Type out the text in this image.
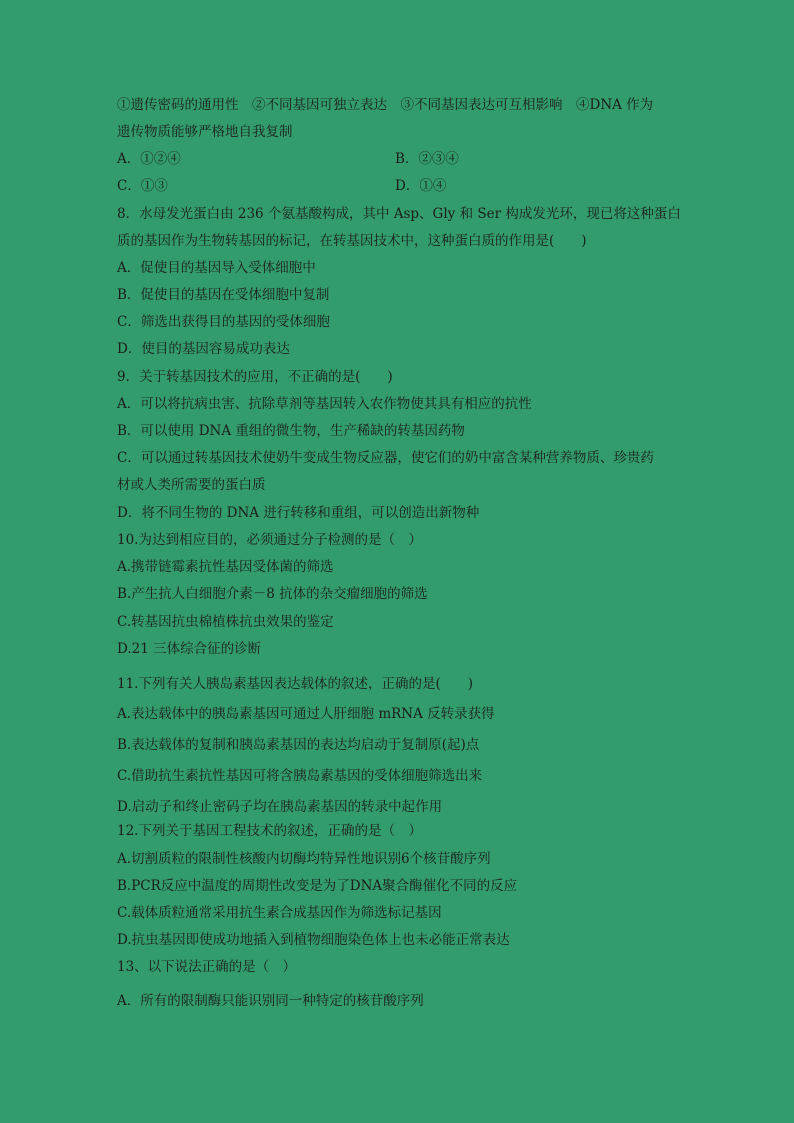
①遗传密码的通用性　②不同基因可独立表达　③不同基因表达可互相影响　④DNA 作为
遗传物质能够严格地自我复制
A．①②④	B．②③④
C．①③	D．①④
8．水母发光蛋白由 236 个氨基酸构成，其中 Asp、Gly 和 Ser 构成发光环，现已将这种蛋白
质的基因作为生物转基因的标记，在转基因技术中，这种蛋白质的作用是(　　)
A．促使目的基因导入受体细胞中
B．促使目的基因在受体细胞中复制
C．筛选出获得目的基因的受体细胞
D．使目的基因容易成功表达
9．关于转基因技术的应用，不正确的是(　　)
A．可以将抗病虫害、抗除草剂等基因转入农作物使其具有相应的抗性
B．可以使用 DNA 重组的微生物，生产稀缺的转基因药物
C．可以通过转基因技术使奶牛变成生物反应器，使它们的奶中富含某种营养物质、珍贵药
材或人类所需要的蛋白质
D．将不同生物的 DNA 进行转移和重组，可以创造出新物种
10.为达到相应目的，必须通过分子检测的是（　）
A.携带链霉素抗性基因受体菌的筛选
B.产生抗人白细胞介素－8 抗体的杂交瘤细胞的筛选
C.转基因抗虫棉植株抗虫效果的鉴定
D.21 三体综合征的诊断
11.下列有关人胰岛素基因表达载体的叙述，正确的是(　　)
A.表达载体中的胰岛素基因可通过人肝细胞 mRNA 反转录获得
B.表达载体的复制和胰岛素基因的表达均启动于复制原(起)点
C.借助抗生素抗性基因可将含胰岛素基因的受体细胞筛选出来
D.启动子和终止密码子均在胰岛素基因的转录中起作用
12.下列关于基因工程技术的叙述，正确的是（　）
A.切割质粒的限制性核酸内切酶均特异性地识别6个核苷酸序列
B.PCR反应中温度的周期性改变是为了DNA聚合酶催化不同的反应
C.载体质粒通常采用抗生素合成基因作为筛选标记基因
D.抗虫基因即使成功地插入到植物细胞染色体上也未必能正常表达
13、以下说法正确的是（　）
A．所有的限制酶只能识别同一种特定的核苷酸序列
